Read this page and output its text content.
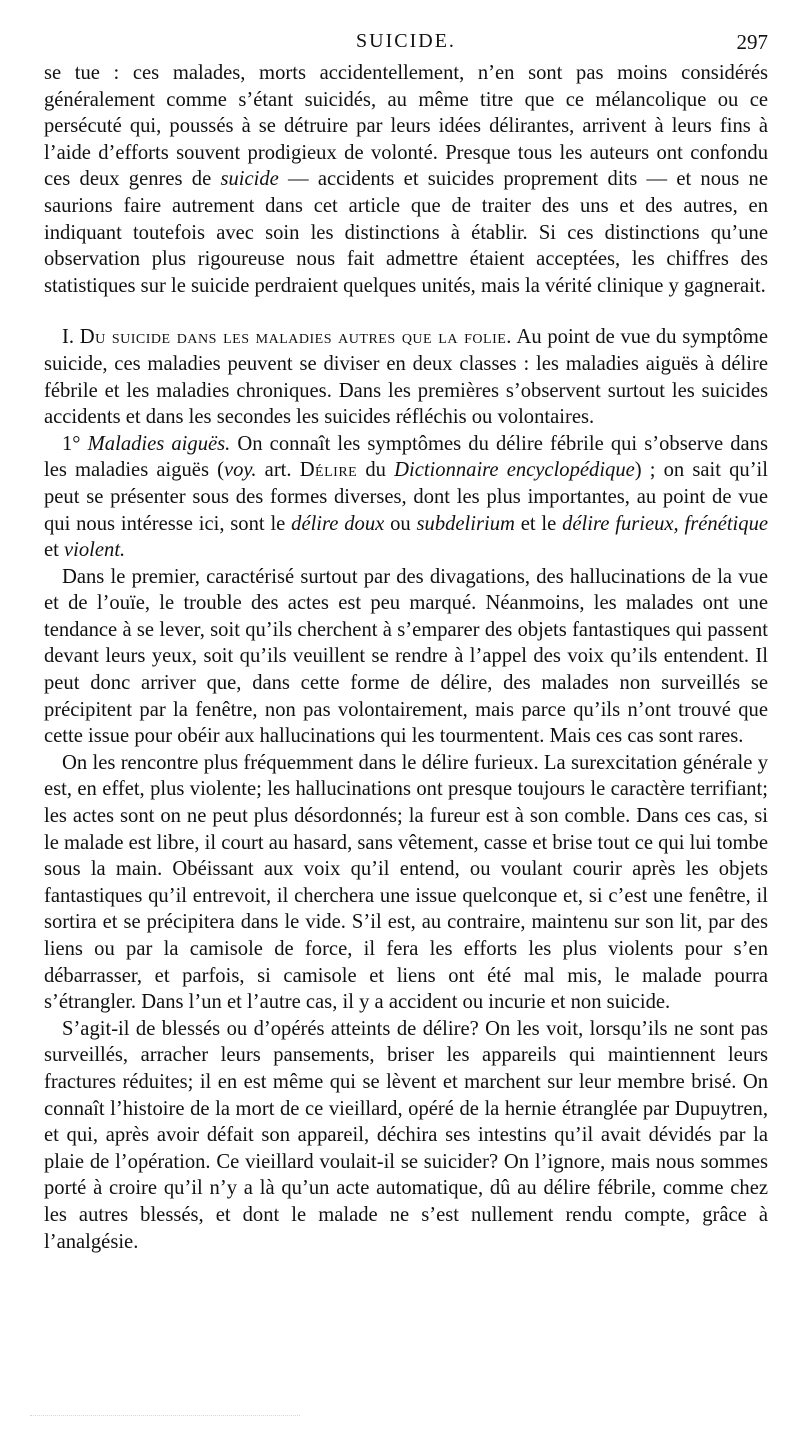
SUICIDE.	297

se tue : ces malades, morts accidentellement, n’en sont pas moins considérés généralement comme s’étant suicidés, au même titre que ce mélancolique ou ce persécuté qui, poussés à se détruire par leurs idées délirantes, arrivent à leurs fins à l’aide d’efforts souvent prodigieux de volonté. Presque tous les auteurs ont confondu ces deux genres de suicide — accidents et suicides proprement dits — et nous ne saurions faire autrement dans cet article que de traiter des uns et des autres, en indiquant toutefois avec soin les distinctions à établir. Si ces distinctions qu’une observation plus rigoureuse nous fait admettre étaient acceptées, les chiffres des statistiques sur le suicide perdraient quelques unités, mais la vérité clinique y gagnerait.

I. Du suicide dans les maladies autres que la folie. Au point de vue du symptôme suicide, ces maladies peuvent se diviser en deux classes : les maladies aiguës à délire fébrile et les maladies chroniques. Dans les premières s’observent surtout les suicides accidents et dans les secondes les suicides réfléchis ou volontaires.

1° Maladies aiguës. On connaît les symptômes du délire fébrile qui s’observe dans les maladies aiguës (voy. art. Délire du Dictionnaire encyclopédique) ; on sait qu’il peut se présenter sous des formes diverses, dont les plus importantes, au point de vue qui nous intéresse ici, sont le délire doux ou subdelirium et le délire furieux, frénétique et violent.

Dans le premier, caractérisé surtout par des divagations, des hallucinations de la vue et de l’ouïe, le trouble des actes est peu marqué. Néanmoins, les malades ont une tendance à se lever, soit qu’ils cherchent à s’emparer des objets fantastiques qui passent devant leurs yeux, soit qu’ils veuillent se rendre à l’appel des voix qu’ils entendent. Il peut donc arriver que, dans cette forme de délire, des malades non surveillés se précipitent par la fenêtre, non pas volontairement, mais parce qu’ils n’ont trouvé que cette issue pour obéir aux hallucinations qui les tourmentent. Mais ces cas sont rares.

On les rencontre plus fréquemment dans le délire furieux. La surexcitation générale y est, en effet, plus violente; les hallucinations ont presque toujours le caractère terrifiant; les actes sont on ne peut plus désordonnés; la fureur est à son comble. Dans ces cas, si le malade est libre, il court au hasard, sans vêtement, casse et brise tout ce qui lui tombe sous la main. Obéissant aux voix qu’il entend, ou voulant courir après les objets fantastiques qu’il entrevoit, il cherchera une issue quelconque et, si c’est une fenêtre, il sortira et se précipitera dans le vide. S’il est, au contraire, maintenu sur son lit, par des liens ou par la camisole de force, il fera les efforts les plus violents pour s’en débarrasser, et parfois, si camisole et liens ont été mal mis, le malade pourra s’étrangler. Dans l’un et l’autre cas, il y a accident ou incurie et non suicide.

S’agit-il de blessés ou d’opérés atteints de délire? On les voit, lorsqu’ils ne sont pas surveillés, arracher leurs pansements, briser les appareils qui maintiennent leurs fractures réduites; il en est même qui se lèvent et marchent sur leur membre brisé. On connaît l’histoire de la mort de ce vieillard, opéré de la hernie étranglée par Dupuytren, et qui, après avoir défait son appareil, déchira ses intestins qu’il avait dévidés par la plaie de l’opération. Ce vieillard voulait-il se suicider? On l’ignore, mais nous sommes porté à croire qu’il n’y a là qu’un acte automatique, dû au délire fébrile, comme chez les autres blessés, et dont le malade ne s’est nullement rendu compte, grâce à l’analgésie.
